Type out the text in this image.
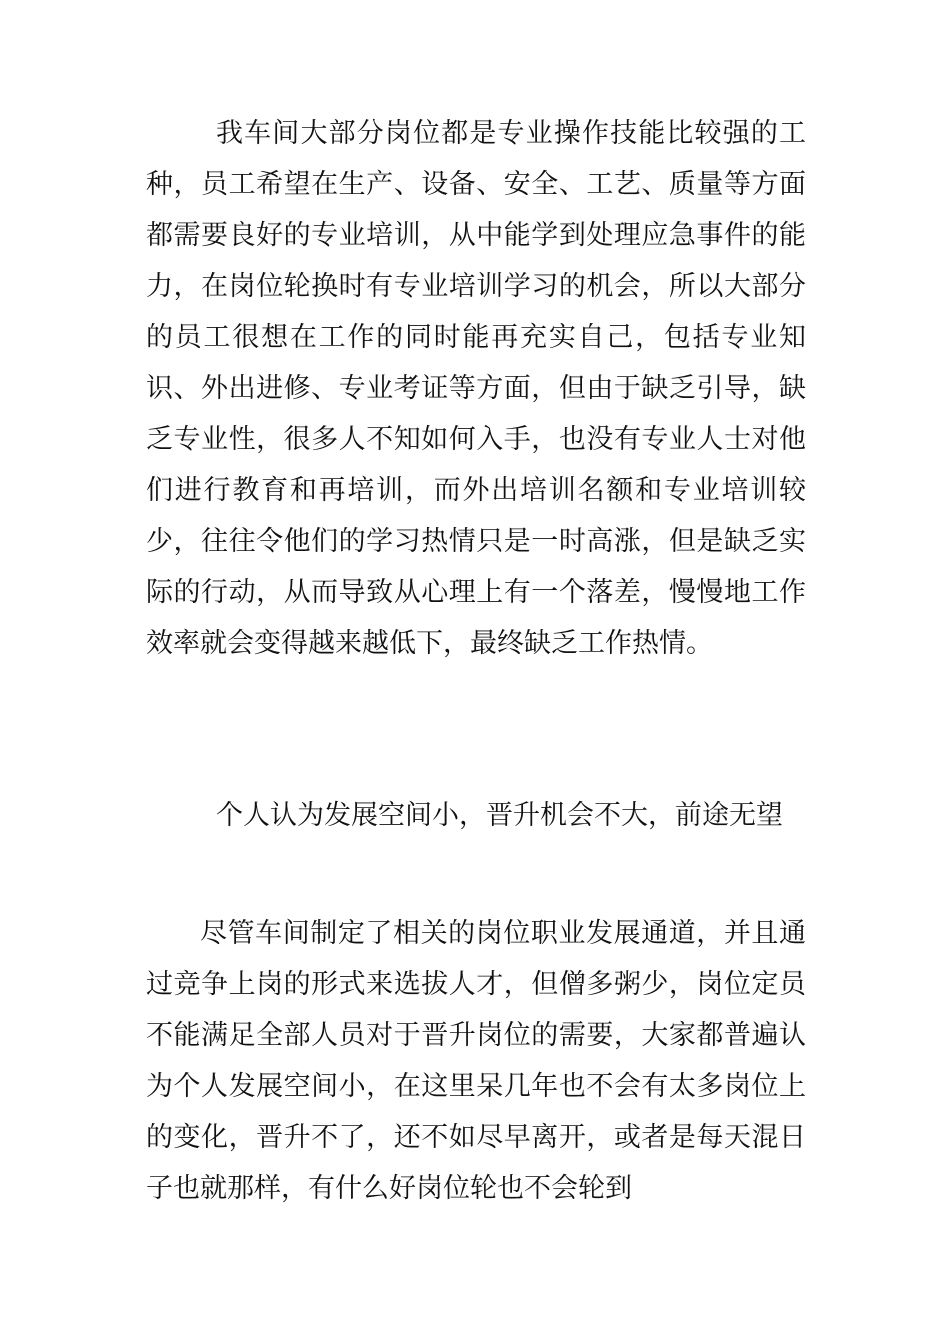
我车间大部分岗位都是专业操作技能比较强的工种，员工希望在生产、设备、安全、工艺、质量等方面都需要良好的专业培训，从中能学到处理应急事件的能力，在岗位轮换时有专业培训学习的机会，所以大部分的员工很想在工作的同时能再充实自己，包括专业知识、外出进修、专业考证等方面，但由于缺乏引导，缺乏专业性，很多人不知如何入手，也没有专业人士对他们进行教育和再培训，而外出培训名额和专业培训较少，往往令他们的学习热情只是一时高涨，但是缺乏实际的行动，从而导致从心理上有一个落差，慢慢地工作效率就会变得越来越低下，最终缺乏工作热情。

个人认为发展空间小，晋升机会不大，前途无望

尽管车间制定了相关的岗位职业发展通道，并且通过竞争上岗的形式来选拔人才，但僧多粥少，岗位定员不能满足全部人员对于晋升岗位的需要，大家都普遍认为个人发展空间小，在这里呆几年也不会有太多岗位上的变化，晋升不了，还不如尽早离开，或者是每天混日子也就那样，有什么好岗位轮也不会轮到
